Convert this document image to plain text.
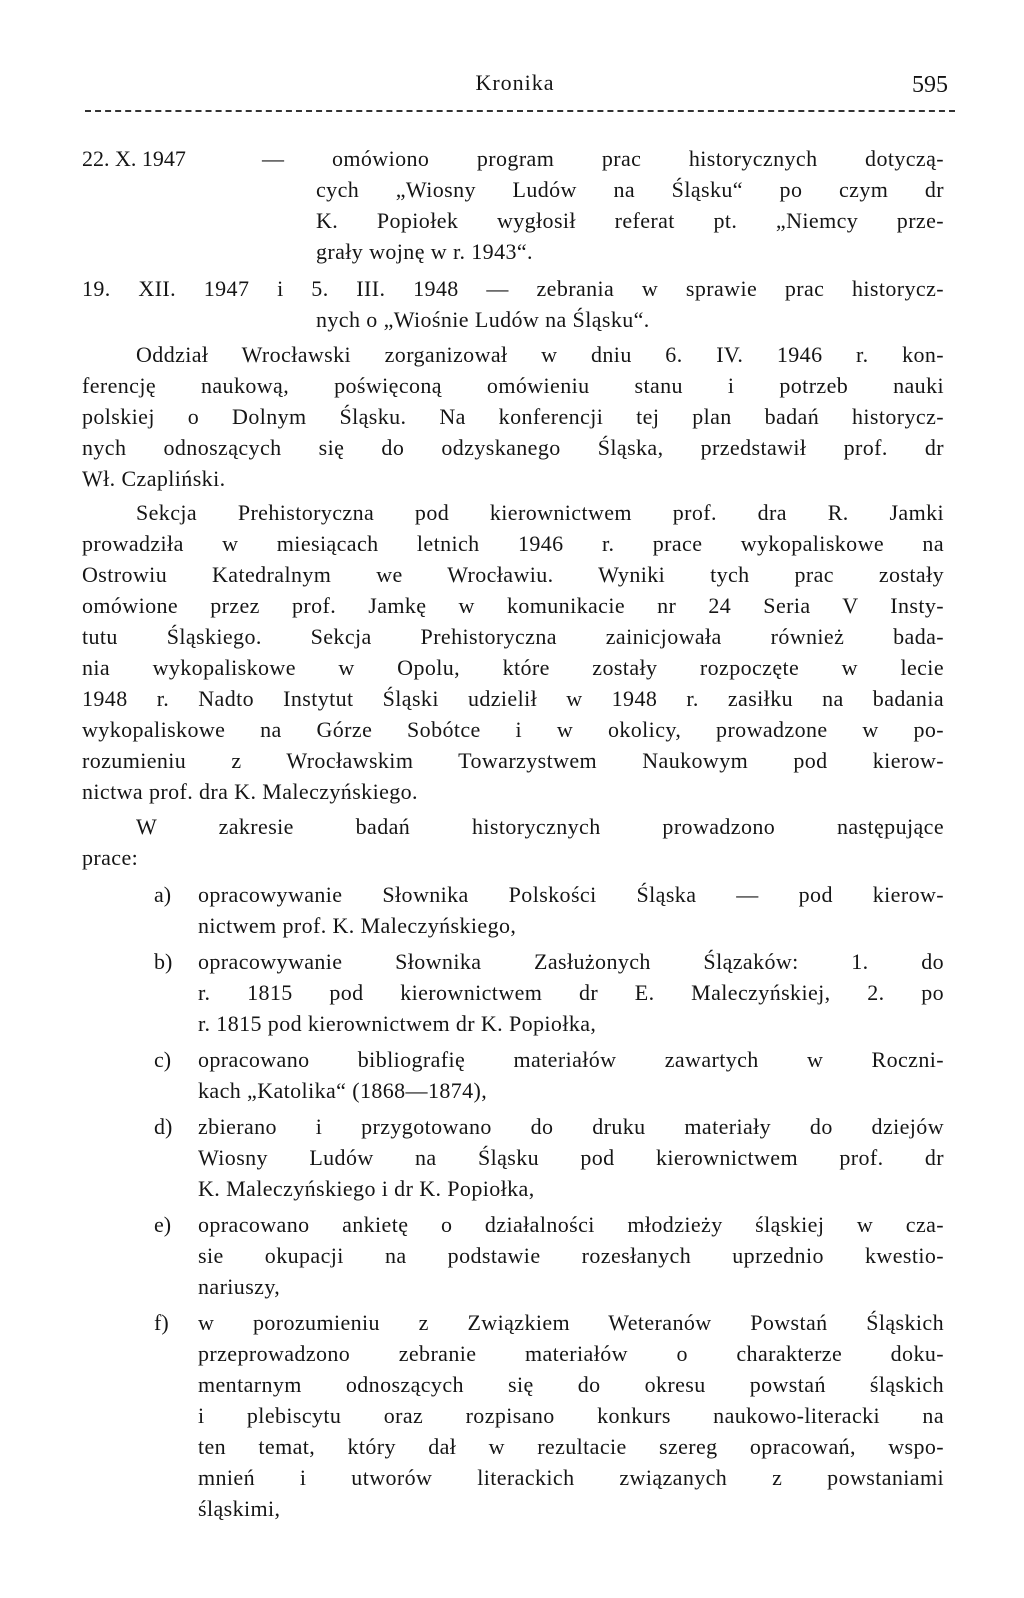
Kronika	595
22. X. 1947	— omówiono program prac historycznych dotyczą-
cych „Wiosny Ludów na Śląsku“ po czym dr
K. Popiołek wygłosił referat pt. „Niemcy prze-
grały wojnę w r. 1943“.
19. XII. 1947 i 5. III. 1948 — zebrania w sprawie prac historycz-
nych o „Wiośnie Ludów na Śląsku“.
Oddział Wrocławski zorganizował w dniu 6. IV. 1946 r. kon-
ferencję naukową, poświęconą omówieniu stanu i potrzeb nauki
polskiej o Dolnym Śląsku. Na konferencji tej plan badań historycz-
nych odnoszących się do odzyskanego Śląska, przedstawił prof. dr
Wł. Czapliński.
Sekcja Prehistoryczna pod kierownictwem prof. dra R. Jamki
prowadziła w miesiącach letnich 1946 r. prace wykopaliskowe na
Ostrowiu Katedralnym we Wrocławiu. Wyniki tych prac zostały
omówione przez prof. Jamkę w komunikacie nr 24 Seria V Insty-
tutu Śląskiego. Sekcja Prehistoryczna zainicjowała również bada-
nia wykopaliskowe w Opolu, które zostały rozpoczęte w lecie
1948 r. Nadto Instytut Śląski udzielił w 1948 r. zasiłku na badania
wykopaliskowe na Górze Sobótce i w okolicy, prowadzone w po-
rozumieniu z Wrocławskim Towarzystwem Naukowym pod kierow-
nictwa prof. dra K. Maleczyńskiego.
W zakresie badań historycznych prowadzono następujące
prace:
a) opracowywanie Słownika Polskości Śląska — pod kierow-
nictwem prof. K. Maleczyńskiego,
b) opracowywanie Słownika Zasłużonych Ślązaków: 1. do
r. 1815 pod kierownictwem dr E. Maleczyńskiej, 2. po
r. 1815 pod kierownictwem dr K. Popiołka,
c) opracowano bibliografię materiałów zawartych w Roczni-
kach „Katolika“ (1868—1874),
d) zbierano i przygotowano do druku materiały do dziejów
Wiosny Ludów na Śląsku pod kierownictwem prof. dr
K. Maleczyńskiego i dr K. Popiołka,
e) opracowano ankietę o działalności młodzieży śląskiej w cza-
sie okupacji na podstawie rozesłanych uprzednio kwestio-
nariuszy,
f) w porozumieniu z Związkiem Weteranów Powstań Śląskich
przeprowadzono zebranie materiałów o charakterze doku-
mentarnym odnoszących się do okresu powstań śląskich
i plebiscytu oraz rozpisano konkurs naukowo-literacki na
ten temat, który dał w rezultacie szereg opracowań, wspo-
mnień i utworów literackich związanych z powstaniami
śląskimi,
